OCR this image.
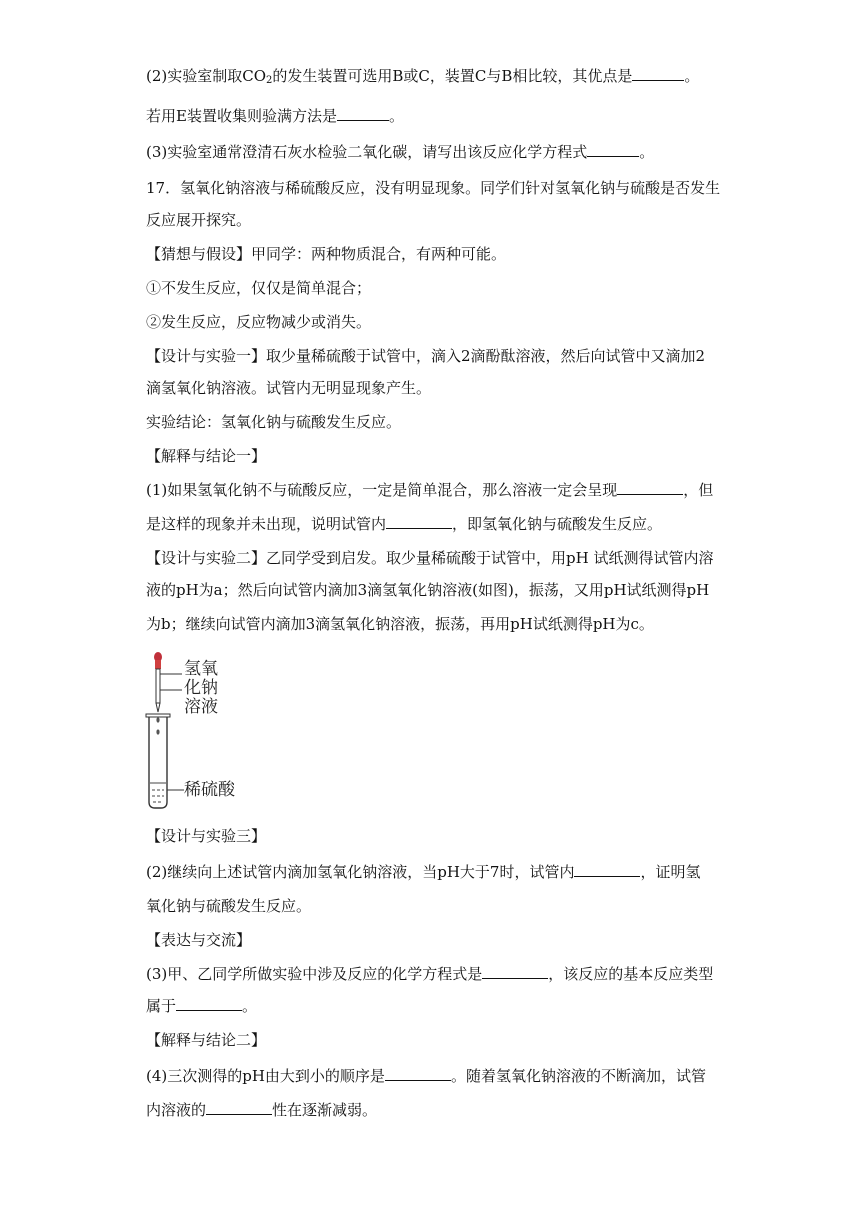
(2)实验室制取$CO_2$的发生装置可选用B或C，装置C与B相比较，其优点是	。
若用E装置收集则验满方法是	。
(3)实验室通常澄清石灰水检验二氧化碳，请写出该反应化学方程式	。
17．氢氧化钠溶液与稀硫酸反应，没有明显现象。同学们针对氢氧化钠与硫酸是否发生
反应展开探究。
【猜想与假设】甲同学：两种物质混合，有两种可能。
①不发生反应，仅仅是简单混合；
②发生反应，反应物减少或消失。
【设计与实验一】取少量稀硫酸于试管中，滴入2滴酚酞溶液，然后向试管中又滴加2
滴氢氧化钠溶液。试管内无明显现象产生。
实验结论：氢氧化钠与硫酸发生反应。
【解释与结论一】
(1)如果氢氧化钠不与硫酸反应，一定是简单混合，那么溶液一定会呈现	，但
是这样的现象并未出现，说明试管内	，即氢氧化钠与硫酸发生反应。
【设计与实验二】乙同学受到启发。取少量稀硫酸于试管中，用pH 试纸测得试管内溶
液的pH为a；然后向试管内滴加3滴氢氧化钠溶液(如图)，振荡，又用pH试纸测得pH
为b；继续向试管内滴加3滴氢氧化钠溶液，振荡，再用pH试纸测得pH为c。
氢氧
化钠
溶液
稀硫酸
【设计与实验三】
(2)继续向上述试管内滴加氢氧化钠溶液，当pH大于7时，试管内	，证明氢
氧化钠与硫酸发生反应。
【表达与交流】
(3)甲、乙同学所做实验中涉及反应的化学方程式是	，该反应的基本反应类型
属于	。
【解释与结论二】
(4)三次测得的pH由大到小的顺序是	。随着氢氧化钠溶液的不断滴加，试管
内溶液的	性在逐渐减弱。
